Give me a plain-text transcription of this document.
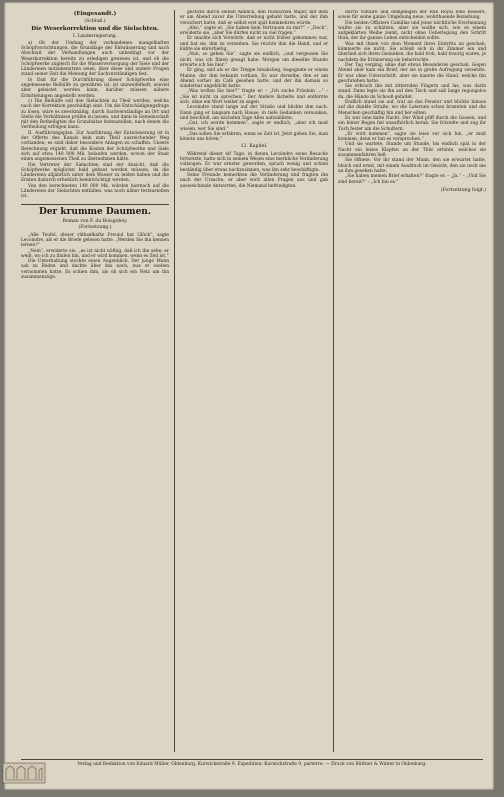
(Eingesandt.)
(Schluß.)
Die Weserkorrektion und die Sielachten.
I. Landesregierung.

a) Ob der Umfang der vorhandenen mangelhaften Schöpfvorrichtungen, die Grundlage der Entwässerung und nach Abschluß der Verhandlungen auch unbedingt vor der Weserkorrektion bereits zu erledigen gewesen ist, und ob die Schöpfwerke zugleich für die Wasserversorgung der Siele und der Ländereien mitzubenutzen seien, über diese und andere Fragen stand seiner Zeit die Meinung der Sachverständigen fest.

b) Daß für die Durchführung dieser Schöpfwerke eine angemessene Beihülfe zu gewähren ist, ist unzweifelhaft; wieviel aber geleistet werden kann, darüber müssen nähere Ermittelungen angestellt werden.

c) Die Beihülfe soll den Sielachten zu Theil werden, welche nach der Korrektion geschädigt sind. Um die Entschädigungsfrage zu lösen, wäre es zweckmäßig, durch Sachverständige an Ort und Stelle die Verhältnisse prüfen zu lassen, und dann in Gemeinschaft mit den Betheiligten die Grundsätze festzustellen, nach denen die Vertheilung erfolgen kann.

II. Ausführungsplan. Zur Ausführung der Entwässerung ist in der Offerte des Kanals kein zum Theil ausreichender Weg vorhanden; es sind daher besondere Anlagen zu schaffen. Unsere Berechnung ergiebt, daß die Kosten der Schöpfwerke und Siele sich auf etwa 140 000 Mk. belaufen werden, wovon der Staat einen angemessenen Theil zu übernehmen hätte.

Die Vertreter der Sielachten sind der Ansicht, daß die Schöpfwerke möglichst bald gebaut werden müssen, da die Ländereien alljährlich unter dem Wasser zu leiden haben und die Ernten dadurch erheblich beeinträchtigt werden.

Von den berechneten 140 000 Mk. würden hiernach auf die Ländereien der Sielachten entfallen, was noch näher festzustellen ist.

Der krumme Daumen.
Roman von F. du Boisgobey.
(Fortsetzung.)

„Alle Teufel, dieser räthselhafte Freund hat Glück“, sagte Lecoindre, als er die Briefe gelesen hatte. „Werden Sie ihn kennen lernen?“

„Nein“, erwiderte sie, „es ist nicht nöthig, daß ich ihn sehe; er weiß, wo ich zu finden bin, und er wird kommen, wenn es Zeit ist.“

Die Unterhaltung stockte einen Augenblick. Der junge Mann sah zu Boden und dachte über das nach, was er soeben vernommen hatte. Es schien ihm, als ob sich ein Netz um ihn zusammenzöge.

gestickt durch seinen Anblick, den russischen Major, mit dem er am Abend zuvor die Unterredung gehabt hatte, und der ihm versichert hatte, daß er selbst erst spät heimkehren würde.

„Also,“ sagte er, „Sie haben kein Vertrauen zu mir?“ – „Doch“, erwiderte sie, „aber Sie dürfen nicht zu viel fragen.“

Er machte sich Vorwürfe, daß er nicht früher gekommen war, und bat sie, ihm zu verzeihen. Sie reichte ihm die Hand, und er küßte sie ehrerbietig.

„Nun, so gehen Sie“, sagte sie endlich, „und vergessen Sie nicht, was ich Ihnen gesagt habe. Morgen um dieselbe Stunde erwarte ich Sie hier.“

Er ging, und als er die Treppe hinabstieg, begegnete er einem Manne, der ihm bekannt vorkam. Es war derselbe, den er am Abend vorher im Café gesehen hatte, und der ihn damals so sonderbar angeblickt hatte.

„Was wollen Sie hier?“ fragte er. – „Ich suche Fräulein ...“ – „Sie ist nicht zu sprechen.“ Der Andere lächelte und entfernte sich, ohne ein Wort weiter zu sagen.

Lecoindre stand lange auf der Straße und blickte ihm nach. Dann ging er langsam nach Hause, in tiefe Gedanken versunken, und beschloß, am nächsten Tage Alles aufzuklären.

„Gut, ich werde kommen“, sagte er endlich, „aber ich muß wissen, wer Sie sind.“

„Das sollen Sie erfahren, wenn es Zeit ist. Jetzt gehen Sie, man könnte uns hören.“

12. Kapitel.

Während dieser elf Tage, in denen Lecoindre seine Besuche fortsetzte, hatte sich in seinem Wesen eine merkliche Veränderung vollzogen. Er war ernster geworden, sprach wenig und schien beständig über etwas nachzusinnen, was ihn sehr beschäftigte.

Seine Freunde bemerkten die Veränderung und fragten ihn nach der Ursache; er aber wich allen Fragen aus und gab ausweichende Antworten, die Niemand befriedigten.

durch Voltaire und demjenigen der Rue Royal eine bessere, sowie für seine ganze Umgebung neue, wohlthuende Beziehung.

Die beiden Offiziere Camillas und jener nächtliche Erscheinung wußte sie zu schätzen, aber sie wollte sich, wie es einem aufgeklärten Weibe ziemt, nicht ohne Ueberlegung den Schritt thun, der ihr ganzes Leben entscheiden sollte.

Was mit ihnen von dem Moment ihres Eintritts an geschah, kümmerte sie nicht. Sie schloß sich in ihr Zimmer ein und überließ sich ihren Gedanken, die bald froh, bald traurig waren, je nachdem die Erinnerung sie beherrschte.

Der Tag verging, ohne daß etwas Besonderes geschah. Gegen Abend aber kam ein Brief, der sie in große Aufregung versetzte. Er war ohne Unterschrift, aber sie kannte die Hand, welche ihn geschrieben hatte.

Sie erbrach ihn mit zitternden Fingern und las, was darin stand. Dann legte sie ihn auf den Tisch und saß lange regungslos da, die Hände im Schooß gefaltet.

Endlich stand sie auf, trat an das Fenster und blickte hinaus auf die dunkle Straße, wo die Laternen schon brannten und die Menschen geschäftig hin und her eilten.

Es war eine kalte Nacht. Der Wind pfiff durch die Gassen, und ein feiner Regen fiel unaufhörlich herab. Sie fröstelte und zog ihr Tuch fester um die Schultern.

„Er wird kommen“, sagte sie leise vor sich hin, „er muß kommen, denn er hat es versprochen.“

Und sie wartete, Stunde um Stunde, bis endlich spät in der Nacht ein leises Klopfen an der Thür ertönte, welches sie zusammenfahren ließ.

Sie öffnete. Vor ihr stand der Mann, den sie erwartet hatte, bleich und ernst, mit einem Ausdruck im Gesicht, den sie noch nie an ihm gesehen hatte.

„Sie haben meinen Brief erhalten?“ fragte er. – „Ja.“ – „Und Sie sind bereit?“ – „Ich bin es.“

(Fortsetzung folgt.)
Verlag und Redaktion von Eduard Müller, Oldenburg, Kurwickstraße 9. Expedition: Kurwickstraße 9, parterre. — Druck von Büttner & Winter in Oldenburg.
